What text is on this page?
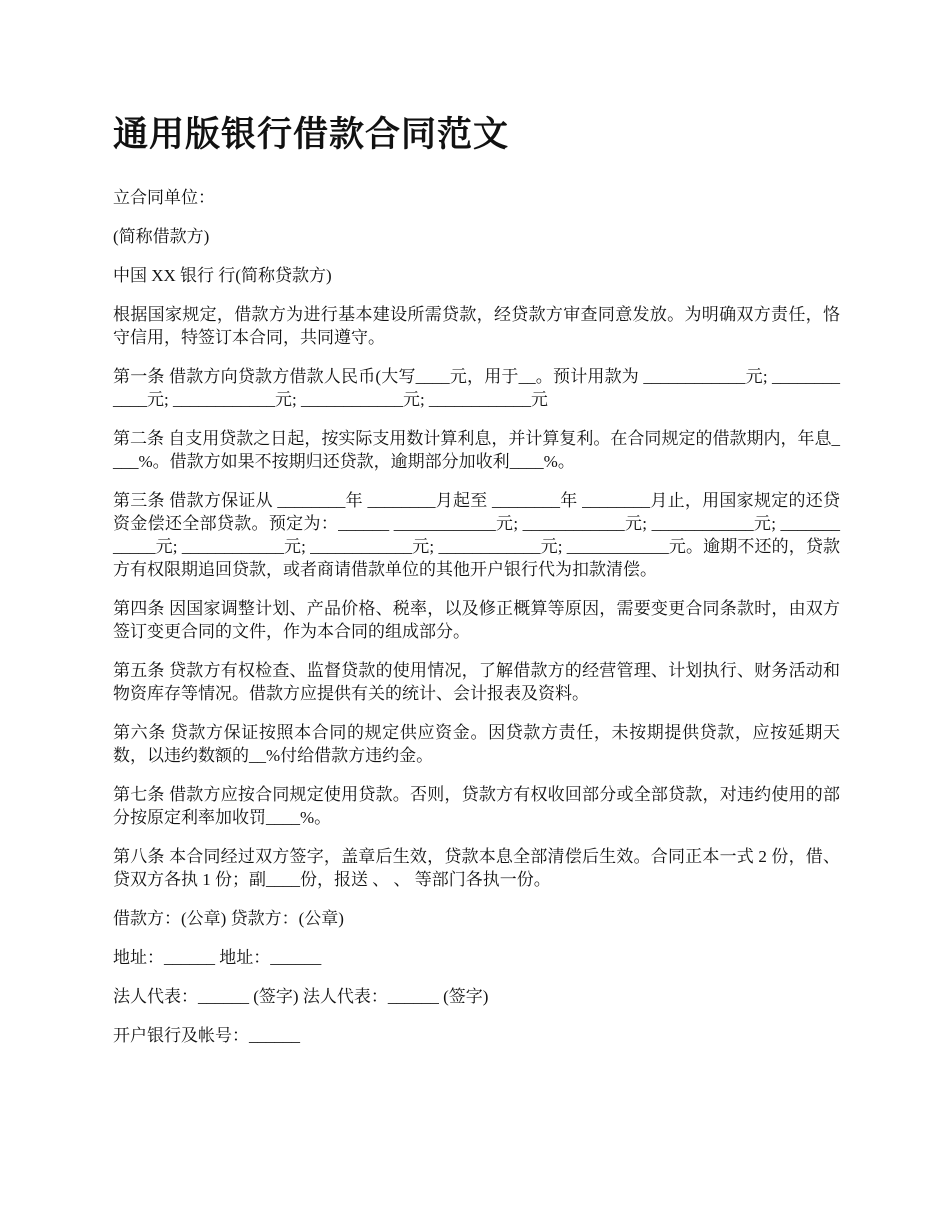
通用版银行借款合同范文

立合同单位：

(简称借款方)

中国 XX 银行 行(简称贷款方)

根据国家规定，借款方为进行基本建设所需贷款，经贷款方审查同意发放。为明确双方责任，恪守信用，特签订本合同，共同遵守。

第一条 借款方向贷款方借款人民币(大写____元，用于__。预计用款为 ____________元; ____________元; ____________元; ____________元; ____________元

第二条 自支用贷款之日起，按实际支用数计算利息，并计算复利。在合同规定的借款期内，年息____%。借款方如果不按期归还贷款，逾期部分加收利____%。

第三条 借款方保证从 ________年 ________月起至 ________年 ________月止，用国家规定的还贷资金偿还全部贷款。预定为：______ ____________元; ____________元; ____________元; ____________元; ____________元; ____________元; ____________元; ____________元。逾期不还的，贷款方有权限期追回贷款，或者商请借款单位的其他开户银行代为扣款清偿。

第四条 因国家调整计划、产品价格、税率，以及修正概算等原因，需要变更合同条款时，由双方签订变更合同的文件，作为本合同的组成部分。

第五条 贷款方有权检查、监督贷款的使用情况，了解借款方的经营管理、计划执行、财务活动和物资库存等情况。借款方应提供有关的统计、会计报表及资料。

第六条 贷款方保证按照本合同的规定供应资金。因贷款方责任，未按期提供贷款，应按延期天数，以违约数额的__%付给借款方违约金。

第七条 借款方应按合同规定使用贷款。否则，贷款方有权收回部分或全部贷款，对违约使用的部分按原定利率加收罚____%。

第八条 本合同经过双方签字，盖章后生效，贷款本息全部清偿后生效。合同正本一式 2 份，借、贷双方各执 1 份；副____份，报送 、 、 等部门各执一份。

借款方：(公章) 贷款方：(公章)

地址：______ 地址：______

法人代表：______ (签字) 法人代表：______ (签字)

开户银行及帐号：______
